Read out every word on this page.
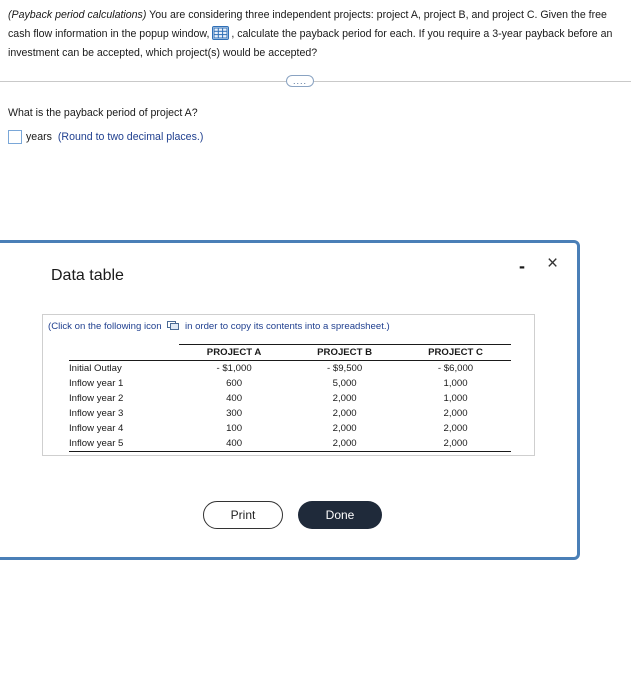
(Payback period calculations) You are considering three independent projects: project A, project B, and project C. Given the free cash flow information in the popup window, , calculate the payback period for each. If you require a 3-year payback before an investment can be accepted, which project(s) would be accepted?
....
What is the payback period of project A?
years (Round to two decimal places.)
Data table	- ×
(Click on the following icon in order to copy its contents into a spreadsheet.)
	PROJECT A	PROJECT B	PROJECT C
Initial Outlay	- $1,000	- $9,500	- $6,000
Inflow year 1	600	5,000	1,000
Inflow year 2	400	2,000	1,000
Inflow year 3	300	2,000	2,000
Inflow year 4	100	2,000	2,000
Inflow year 5	400	2,000	2,000
Print	Done
